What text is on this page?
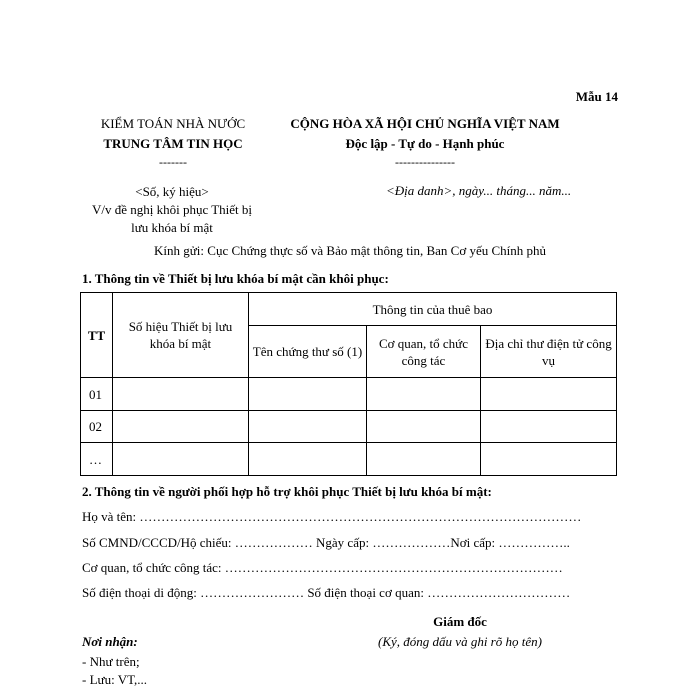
Mẫu 14
KIỂM TOÁN NHÀ NƯỚC
TRUNG TÂM TIN HỌC
-------
CỘNG HÒA XÃ HỘI CHỦ NGHĨA VIỆT NAM
Độc lập - Tự do - Hạnh phúc
---------------
<Số, ký hiệu>
V/v đề nghị khôi phục Thiết bị
lưu khóa bí mật
<Địa danh>, ngày... tháng... năm...
Kính gửi: Cục Chứng thực số và Bảo mật thông tin, Ban Cơ yếu Chính phủ
1. Thông tin về Thiết bị lưu khóa bí mật cần khôi phục:
TT	Số hiệu Thiết bị lưu khóa bí mật	Thông tin của thuê bao		
		Tên chứng thư số (1)	Cơ quan, tổ chức công tác	Địa chỉ thư điện tử công vụ
01				
02				
…				
2. Thông tin về người phối hợp hỗ trợ khôi phục Thiết bị lưu khóa bí mật:
Họ và tên: …………………………………………………………………………………………
Số CMND/CCCD/Hộ chiếu: ……………… Ngày cấp: ………………Nơi cấp: ……………..
Cơ quan, tổ chức công tác: ……………………………………………………………………
Số điện thoại di động: …………………… Số điện thoại cơ quan: ……………………………
Giám đốc
(Ký, đóng dấu và ghi rõ họ tên)
Nơi nhận:
- Như trên;
- Lưu: VT,...
